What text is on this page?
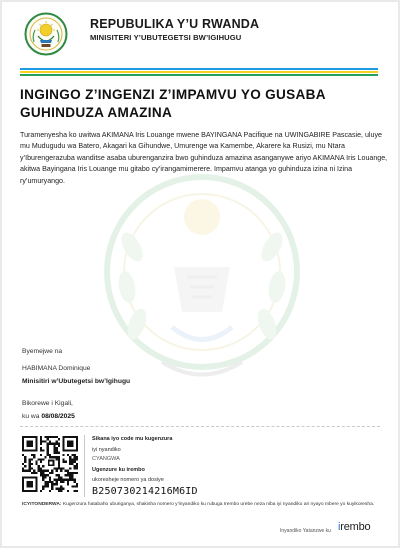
REPUBULIKA Y’U RWANDA
MINISITERI Y’UBUTEGETSI BW’IGIHUGU
INGINGO Z’INGENZI Z’IMPAMVU YO GUSABA GUHINDUZA AMAZINA
Turamenyesha ko uwitwa AKIMANA Iris Louange mwene BAYINGANA Pacifique na UWINGABIRE Pascasie, uluye mu Mudugudu wa Batero, Akagari ka Gihundwe, Umurenge wa Kamembe, Akarere ka Rusizi, mu Ntara y’Iburengerazuba wanditse asaba uburenganzira bwo guhinduza amazina asanganywe ariyo AKIMANA Iris Louange, akitwa Bayingana Iris Louange mu gitabo cy’irangamimerere. Impamvu atanga yo guhinduza izina ni Izina ry’umuryango.
Byemejwe na
HABIMANA Dominique
Minisitiri w’Ubutegetsi bw’Igihugu
Bikorewe i Kigali,
ku wa 08/08/2025
Sikana iyo code mu kugenzura
iyi nyandiko
CYANGWA
Ugenzure ku irembo
ukoresheje nomero ya dosiye
B250730214216M6ID
ICYITONDERWA: Kugenzura hatabaho uburiganya, shakisha nomero y’inyandiko ku rubuga Irembo urebe neza niba iyi nyandiko ari nyayo mbere yo kuyikoresha.
Inyandiko Yatanzwe ku irembo
